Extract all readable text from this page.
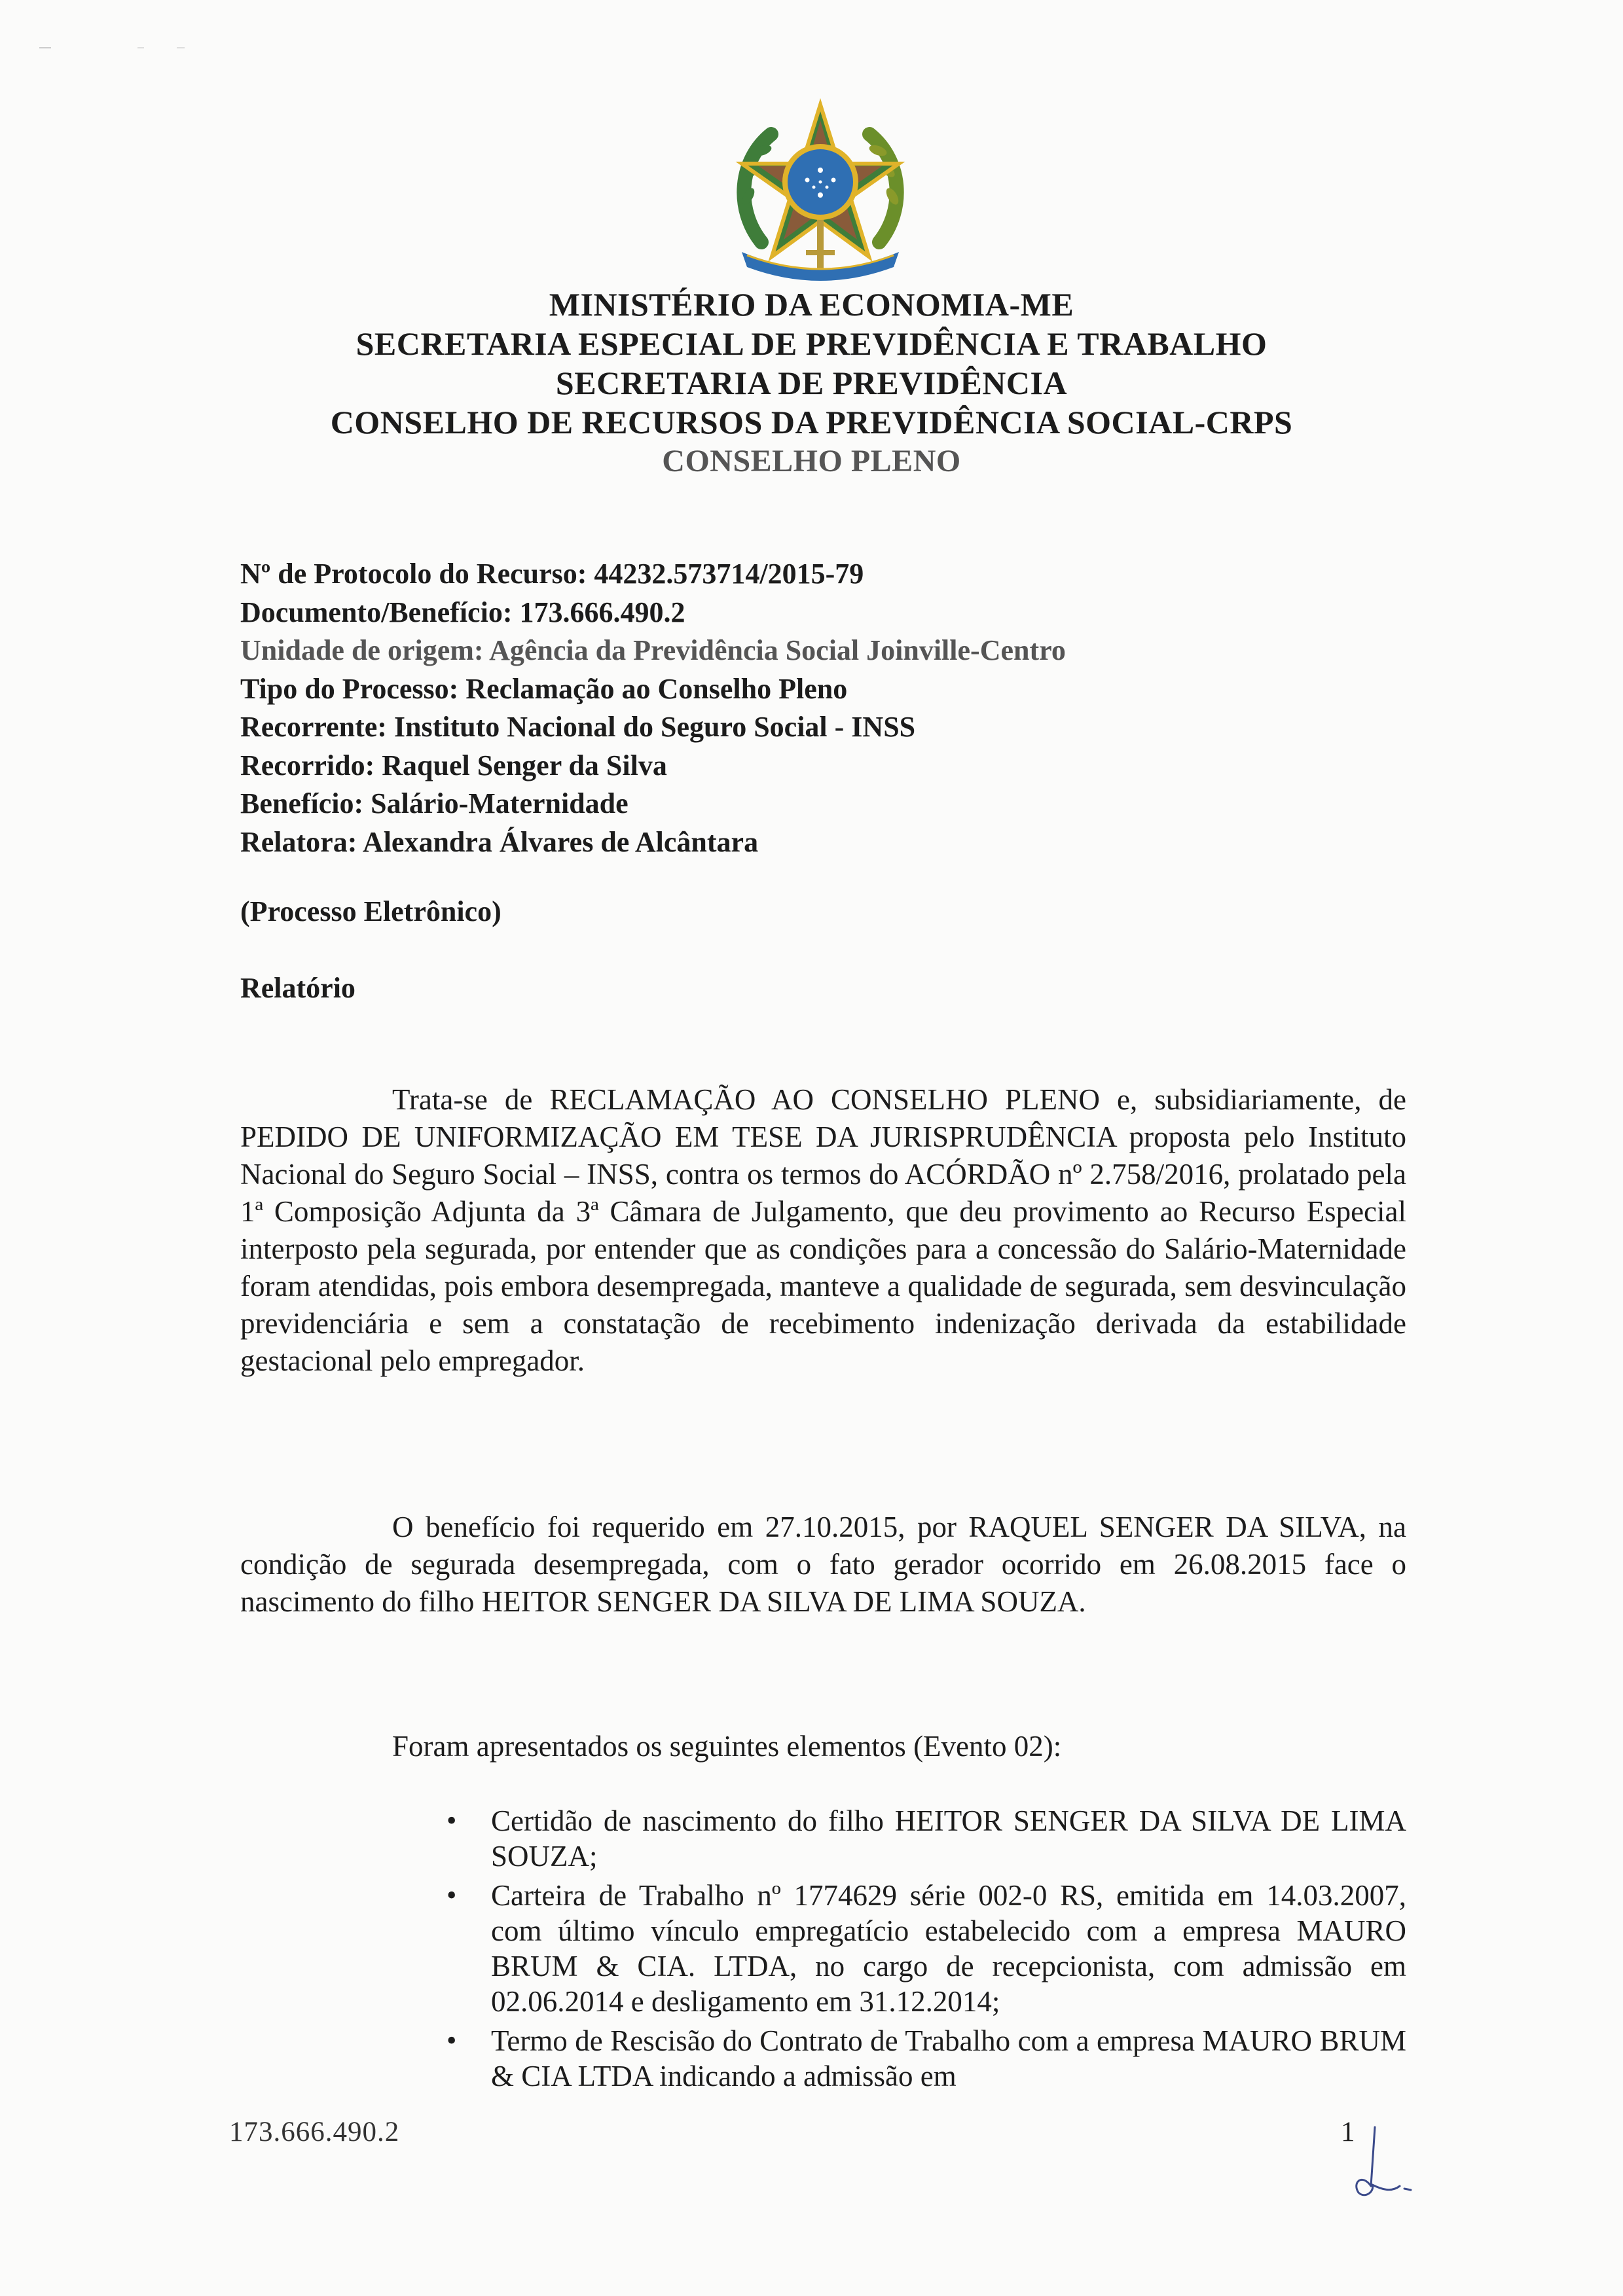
MINISTÉRIO DA ECONOMIA-ME

SECRETARIA ESPECIAL DE PREVIDÊNCIA E TRABALHO

SECRETARIA DE PREVIDÊNCIA

CONSELHO DE RECURSOS DA PREVIDÊNCIA SOCIAL-CRPS

CONSELHO PLENO

Nº de Protocolo do Recurso: 44232.573714/2015-79

Documento/Benefício: 173.666.490.2

Unidade de origem: Agência da Previdência Social Joinville-Centro

Tipo do Processo: Reclamação ao Conselho Pleno

Recorrente: Instituto Nacional do Seguro Social - INSS

Recorrido: Raquel Senger da Silva

Benefício: Salário-Maternidade

Relatora: Alexandra Álvares de Alcântara

(Processo Eletrônico)

Relatório

Trata-se de RECLAMAÇÃO AO CONSELHO PLENO e, subsidiariamente, de PEDIDO DE UNIFORMIZAÇÃO EM TESE DA JURISPRUDÊNCIA proposta pelo Instituto Nacional do Seguro Social – INSS, contra os termos do ACÓRDÃO nº 2.758/2016, prolatado pela 1ª Composição Adjunta da 3ª Câmara de Julgamento, que deu provimento ao Recurso Especial interposto pela segurada, por entender que as condições para a concessão do Salário-Maternidade foram atendidas, pois embora desempregada, manteve a qualidade de segurada, sem desvinculação previdenciária e sem a constatação de recebimento indenização derivada da estabilidade gestacional pelo empregador.

O benefício foi requerido em 27.10.2015, por RAQUEL SENGER DA SILVA, na condição de segurada desempregada, com o fato gerador ocorrido em 26.08.2015 face o nascimento do filho HEITOR SENGER DA SILVA DE LIMA SOUZA.

Foram apresentados os seguintes elementos (Evento 02):

• Certidão de nascimento do filho HEITOR SENGER DA SILVA DE LIMA SOUZA;
• Carteira de Trabalho nº 1774629 série 002-0 RS, emitida em 14.03.2007, com último vínculo empregatício estabelecido com a empresa MAURO BRUM & CIA. LTDA, no cargo de recepcionista, com admissão em 02.06.2014 e desligamento em 31.12.2014;
• Termo de Rescisão do Contrato de Trabalho com a empresa MAURO BRUM & CIA LTDA indicando a admissão em

173.666.490.2	1
